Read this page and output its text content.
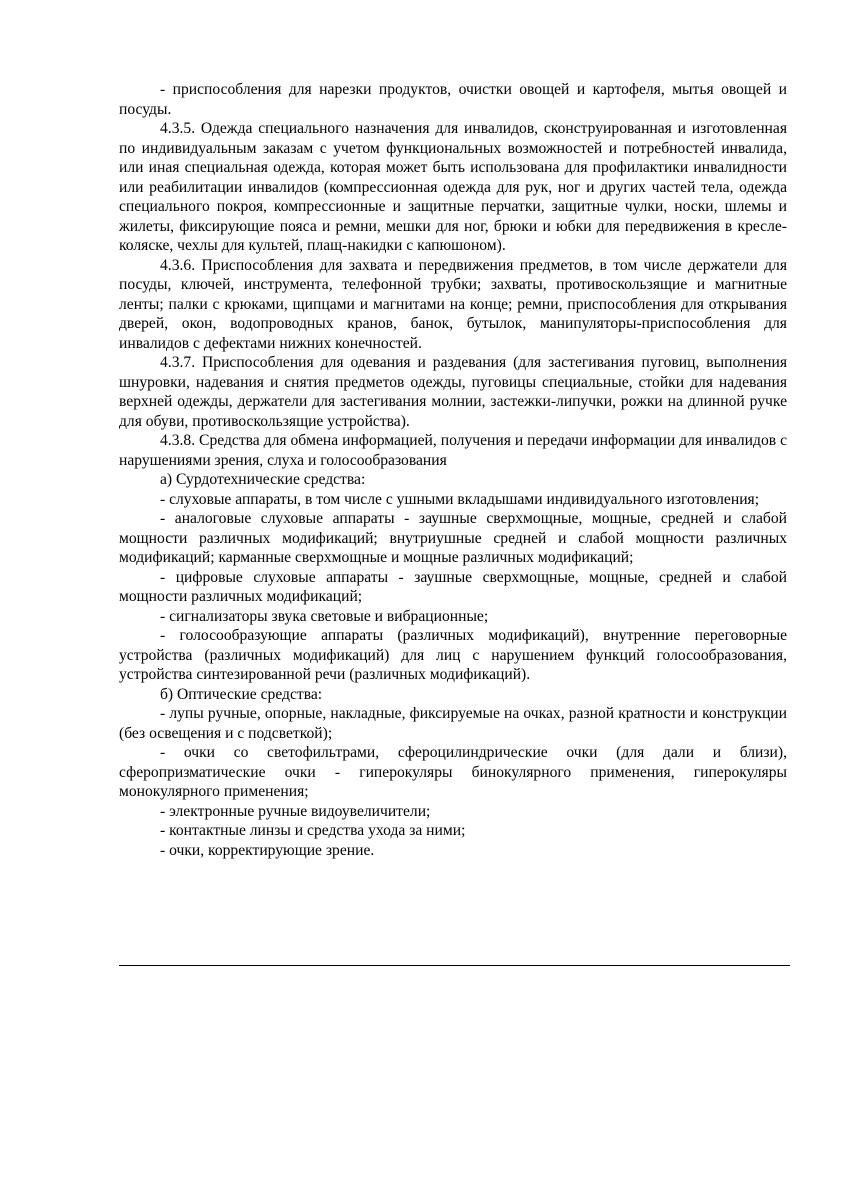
- приспособления для нарезки продуктов, очистки овощей и картофеля, мытья овощей и посуды.

4.3.5. Одежда специального назначения для инвалидов, сконструированная и изготовленная по индивидуальным заказам с учетом функциональных возможностей и потребностей инвалида, или иная специальная одежда, которая может быть использована для профилактики инвалидности или реабилитации инвалидов (компрессионная одежда для рук, ног и других частей тела, одежда специального покроя, компрессионные и защитные перчатки, защитные чулки, носки, шлемы и жилеты, фиксирующие пояса и ремни, мешки для ног, брюки и юбки для передвижения в кресле-коляске, чехлы для культей, плащ-накидки с капюшоном).

4.3.6. Приспособления для захвата и передвижения предметов, в том числе держатели для посуды, ключей, инструмента, телефонной трубки; захваты, противоскользящие и магнитные ленты; палки с крюками, щипцами и магнитами на конце; ремни, приспособления для открывания дверей, окон, водопроводных кранов, банок, бутылок, манипуляторы-приспособления для инвалидов с дефектами нижних конечностей.

4.3.7. Приспособления для одевания и раздевания (для застегивания пуговиц, выполнения шнуровки, надевания и снятия предметов одежды, пуговицы специальные, стойки для надевания верхней одежды, держатели для застегивания молнии, застежки-липучки, рожки на длинной ручке для обуви, противоскользящие устройства).

4.3.8. Средства для обмена информацией, получения и передачи информации для инвалидов с нарушениями зрения, слуха и голосообразования

а) Сурдотехнические средства:

- слуховые аппараты, в том числе с ушными вкладышами индивидуального изготовления;

- аналоговые слуховые аппараты - заушные сверхмощные, мощные, средней и слабой мощности различных модификаций; внутриушные средней и слабой мощности различных модификаций; карманные сверхмощные и мощные различных модификаций;

- цифровые слуховые аппараты - заушные сверхмощные, мощные, средней и слабой мощности различных модификаций;

- сигнализаторы звука световые и вибрационные;

- голосообразующие аппараты (различных модификаций), внутренние переговорные устройства (различных модификаций) для лиц с нарушением функций голосообразования, устройства синтезированной речи (различных модификаций).

б) Оптические средства:

- лупы ручные, опорные, накладные, фиксируемые на очках, разной кратности и конструкции (без освещения и с подсветкой);

- очки со светофильтрами, сфероцилиндрические очки (для дали и близи), сферопризматические очки - гиперокуляры бинокулярного применения, гиперокуляры монокулярного применения;

- электронные ручные видоувеличители;

- контактные линзы и средства ухода за ними;

- очки, корректирующие зрение.
